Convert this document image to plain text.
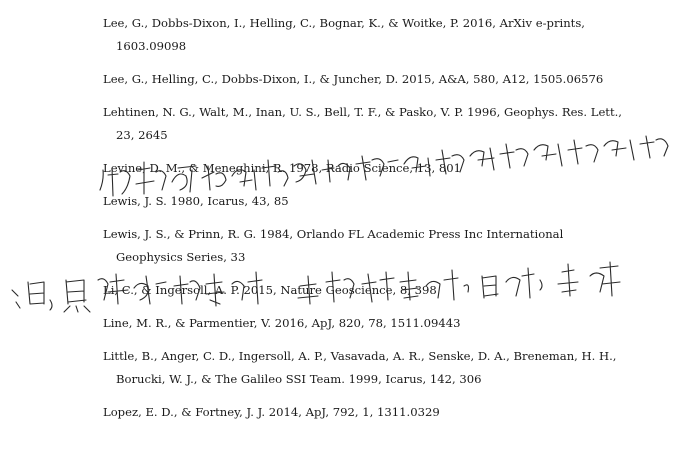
Lee, G., Dobbs-Dixon, I., Helling, C., Bognar, K., & Woitke, P. 2016, ArXiv e-prints, 1603.09098
Lee, G., Helling, C., Dobbs-Dixon, I., & Juncher, D. 2015, A&A, 580, A12, 1505.06576
Lehtinen, N. G., Walt, M., Inan, U. S., Bell, T. F., & Pasko, V. P. 1996, Geophys. Res. Lett., 23, 2645
Levine, D. M., & Meneghini, R. 1978, Radio Science, 13, 801
Lewis, J. S. 1980, Icarus, 43, 85
Lewis, J. S., & Prinn, R. G. 1984, Orlando FL Academic Press Inc International Geophysics Series, 33
Li, C., & Ingersoll, A. P. 2015, Nature Geoscience, 8, 398
Line, M. R., & Parmentier, V. 2016, ApJ, 820, 78, 1511.09443
Little, B., Anger, C. D., Ingersoll, A. P., Vasavada, A. R., Senske, D. A., Breneman, H. H., Borucki, W. J., & The Galileo SSI Team. 1999, Icarus, 142, 306
Lopez, E. D., & Fortney, J. J. 2014, ApJ, 792, 1, 1311.0329
